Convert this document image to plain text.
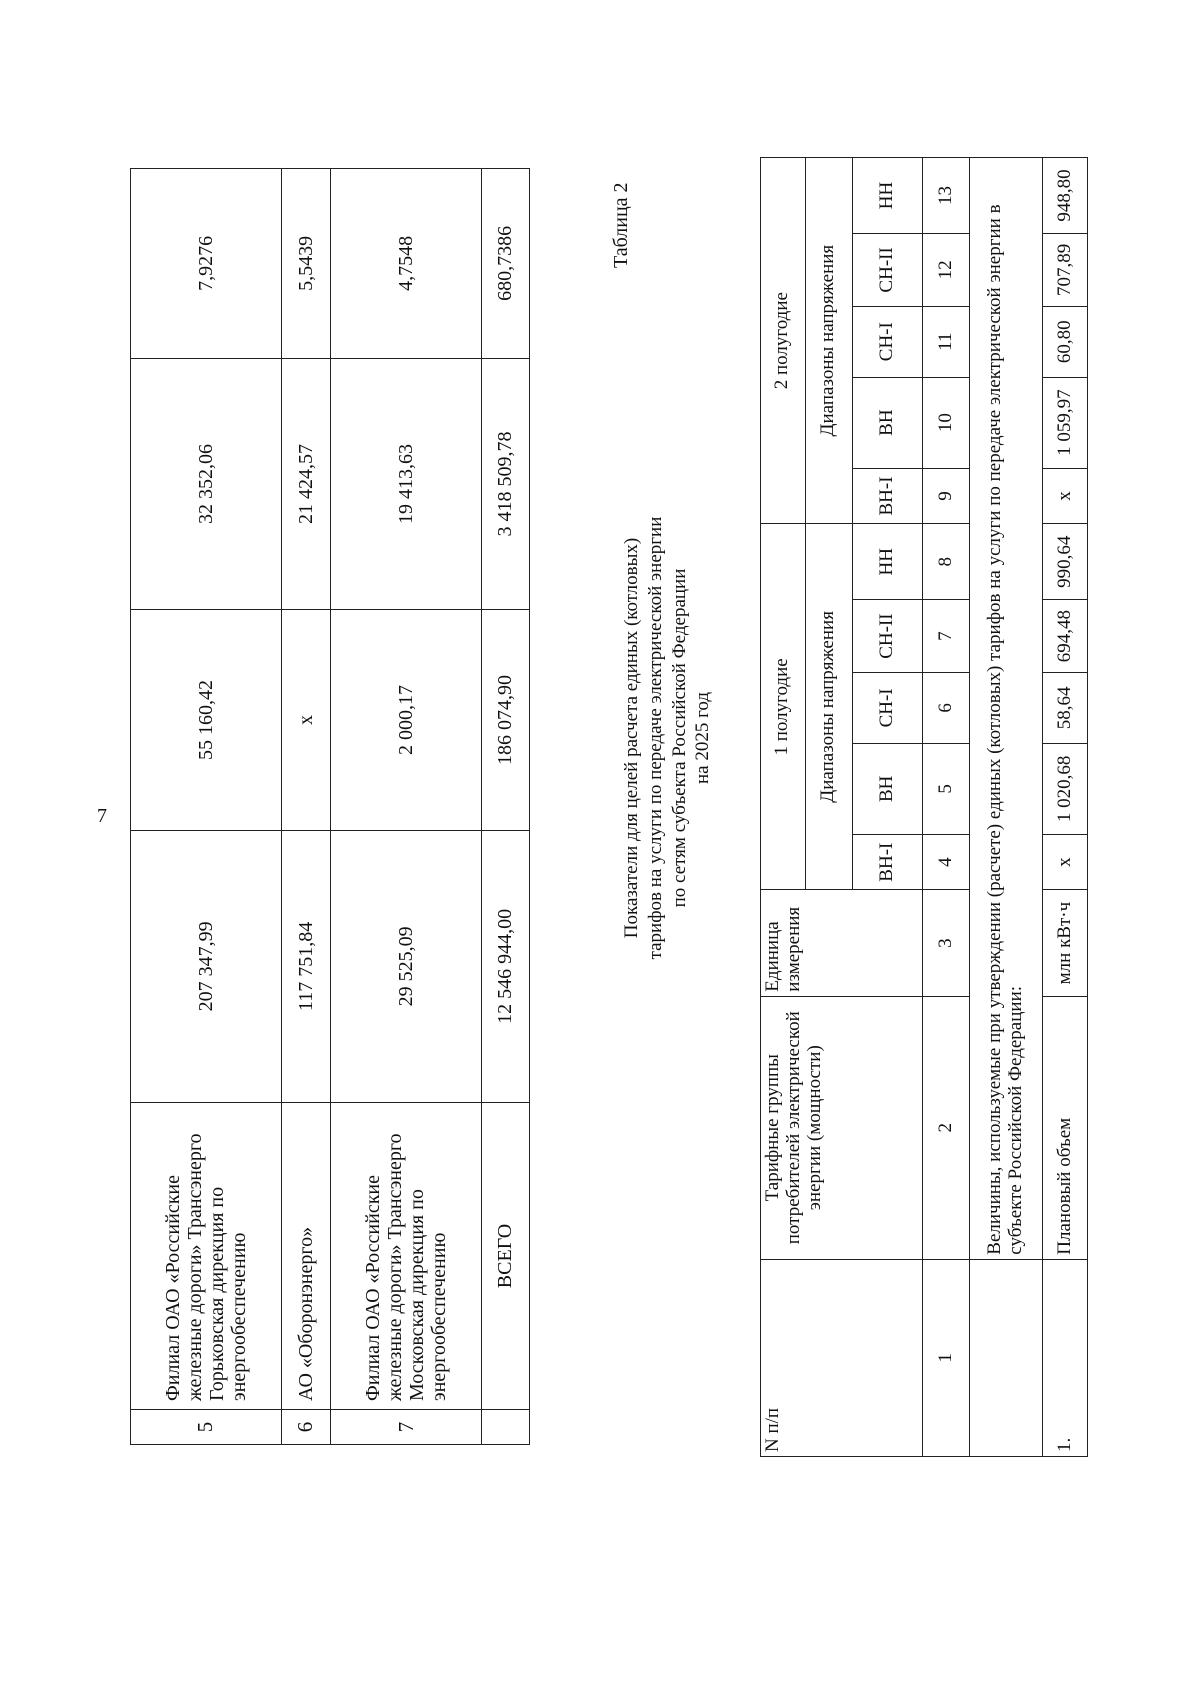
7
5	Филиал ОАО «Российские железные дороги» Трансэнерго Горьковская дирекция по энергообеспечению	207 347,99	55 160,42	32 352,06	7,9276
6	АО «Оборонэнерго»	117 751,84	х	21 424,57	5,5439
7	Филиал ОАО «Российские железные дороги» Трансэнерго Московская дирекция по энергообеспечению	29 525,09	2 000,17	19 413,63	4,7548
	ВСЕГО	12 546 944,00	186 074,90	3 418 509,78	680,7386	Таблица 2
Показатели для целей расчета единых (котловых) тарифов на услуги по передаче электрической энергии по сетям субъекта Российской Федерации на 2025 год
N п/п	Тарифные группы потребителей электрической энергии (мощности)	Единица измерения	1 полугодие					2 полугодие				
			Диапазоны напряжения					Диапазоны напряжения				
			ВН-I	ВН	СН-I	СН-II	НН	ВН-I	ВН	СН-I	СН-II	НН
1	2	3	4	5	6	7	8	9	10	11	12	13
	Величины, используемые при утверждении (расчете) единых (котловых) тарифов на услуги по передаче электрической энергии в субъекте Российской Федерации:											
1.	Плановый объем	млн кВт·ч	х	1 020,68	58,64	694,48	990,64	х	1 059,97	60,80	707,89	948,80
